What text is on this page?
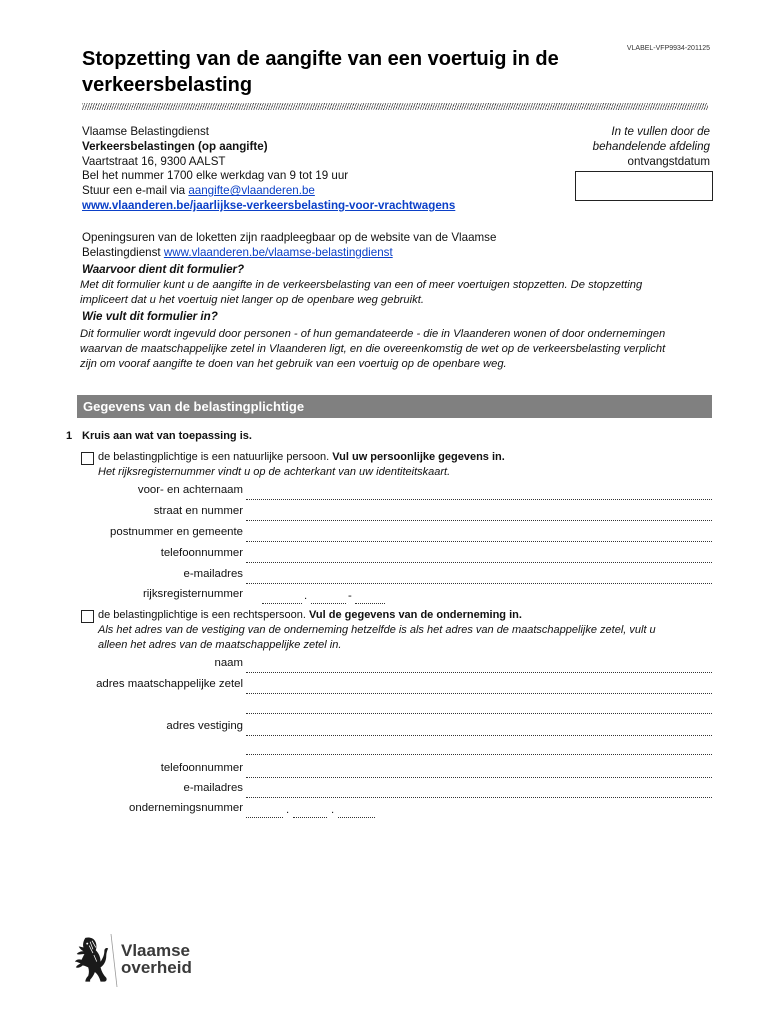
VLABEL-VFP9934-201125
Stopzetting van de aangifte van een voertuig in de
verkeersbelasting
Vlaamse Belastingdienst
Verkeersbelastingen (op aangifte)
Vaartstraat 16, 9300 AALST
Bel het nummer 1700 elke werkdag van 9 tot 19 uur
Stuur een e-mail via aangifte@vlaanderen.be
www.vlaanderen.be/jaarlijkse-verkeersbelasting-voor-vrachtwagens
In te vullen door de
behandelende afdeling
ontvangstdatum
Openingsuren van de loketten zijn raadpleegbaar op de website van de Vlaamse
Belastingdienst www.vlaanderen.be/vlaamse-belastingdienst
Waarvoor dient dit formulier?
Met dit formulier kunt u de aangifte in de verkeersbelasting van een of meer voertuigen stopzetten. De stopzetting
impliceert dat u het voertuig niet langer op de openbare weg gebruikt.
Wie vult dit formulier in?
Dit formulier wordt ingevuld door personen - of hun gemandateerde - die in Vlaanderen wonen of door ondernemingen
waarvan de maatschappelijke zetel in Vlaanderen ligt, en die overeenkomstig de wet op de verkeersbelasting verplicht
zijn om vooraf aangifte te doen van het gebruik van een voertuig op de openbare weg.
Gegevens van de belastingplichtige
1 Kruis aan wat van toepassing is.
de belastingplichtige is een natuurlijke persoon. Vul uw persoonlijke gegevens in.
Het rijksregisternummer vindt u op de achterkant van uw identiteitskaart.
voor- en achternaam
straat en nummer
postnummer en gemeente
telefoonnummer
e-mailadres
rijksregisternummer	.	-
de belastingplichtige is een rechtspersoon. Vul de gegevens van de onderneming in.
Als het adres van de vestiging van de onderneming hetzelfde is als het adres van de maatschappelijke zetel, vult u
alleen het adres van de maatschappelijke zetel in.
naam
adres maatschappelijke zetel
adres vestiging
telefoonnummer
e-mailadres
ondernemingsnummer	.	.
Vlaamse
overheid
